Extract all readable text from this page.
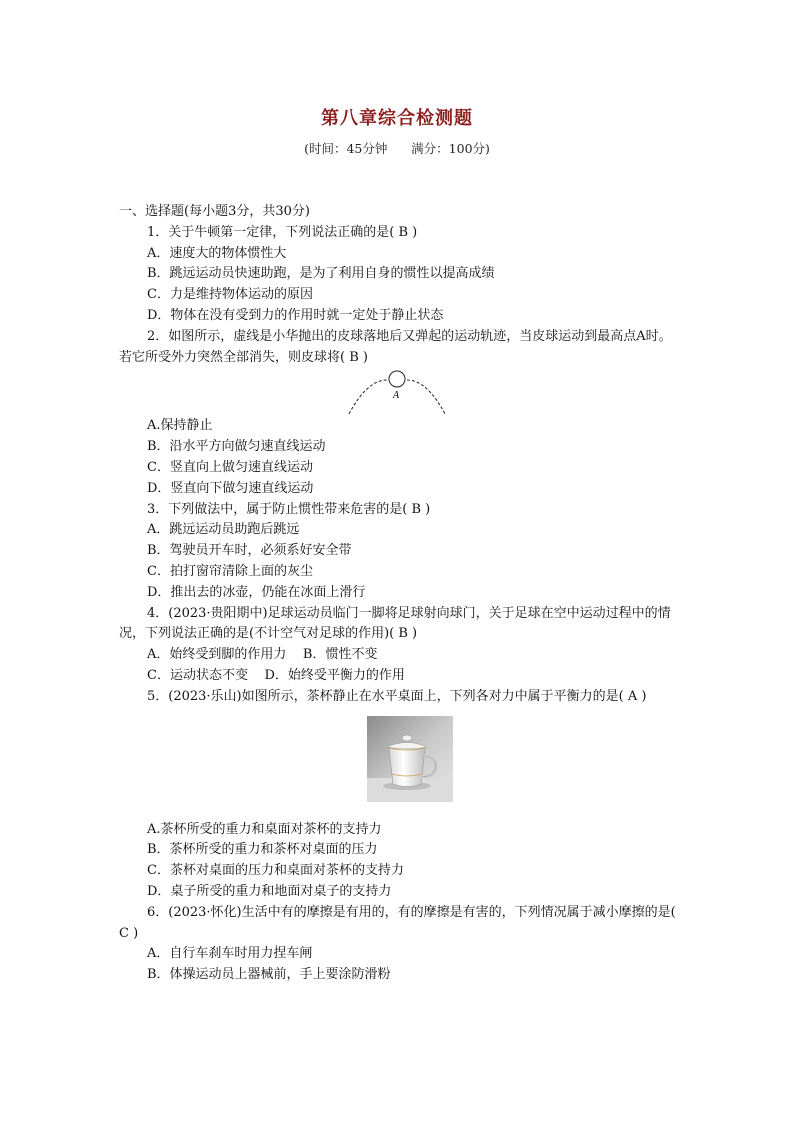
第八章综合检测题
(时间：45分钟      满分：100分)
一、选择题(每小题3分，共30分)
1．关于牛顿第一定律，下列说法正确的是( B )
A．速度大的物体惯性大
B．跳远运动员快速助跑，是为了利用自身的惯性以提高成绩
C．力是维持物体运动的原因
D．物体在没有受到力的作用时就一定处于静止状态
2．如图所示，虚线是小华抛出的皮球落地后又弹起的运动轨迹，当皮球运动到最高点A时。若它所受外力突然全部消失，则皮球将( B )
A
A.保持静止
B．沿水平方向做匀速直线运动
C．竖直向上做匀速直线运动
D．竖直向下做匀速直线运动
3．下列做法中，属于防止惯性带来危害的是( B )
A．跳远运动员助跑后跳远
B．驾驶员开车时，必须系好安全带
C．拍打窗帘清除上面的灰尘
D．推出去的冰壶，仍能在冰面上滑行
4．(2023·贵阳期中)足球运动员临门一脚将足球射向球门，关于足球在空中运动过程中的情况，下列说法正确的是(不计空气对足球的作用)( B )
A．始终受到脚的作用力    B．惯性不变
C．运动状态不变    D．始终受平衡力的作用
5．(2023·乐山)如图所示，茶杯静止在水平桌面上，下列各对力中属于平衡力的是( A )
A.茶杯所受的重力和桌面对茶杯的支持力
B．茶杯所受的重力和茶杯对桌面的压力
C．茶杯对桌面的压力和桌面对茶杯的支持力
D．桌子所受的重力和地面对桌子的支持力
6．(2023·怀化)生活中有的摩擦是有用的，有的摩擦是有害的，下列情况属于减小摩擦的是( C )
A．自行车刹车时用力捏车闸
B．体操运动员上器械前，手上要涂防滑粉
